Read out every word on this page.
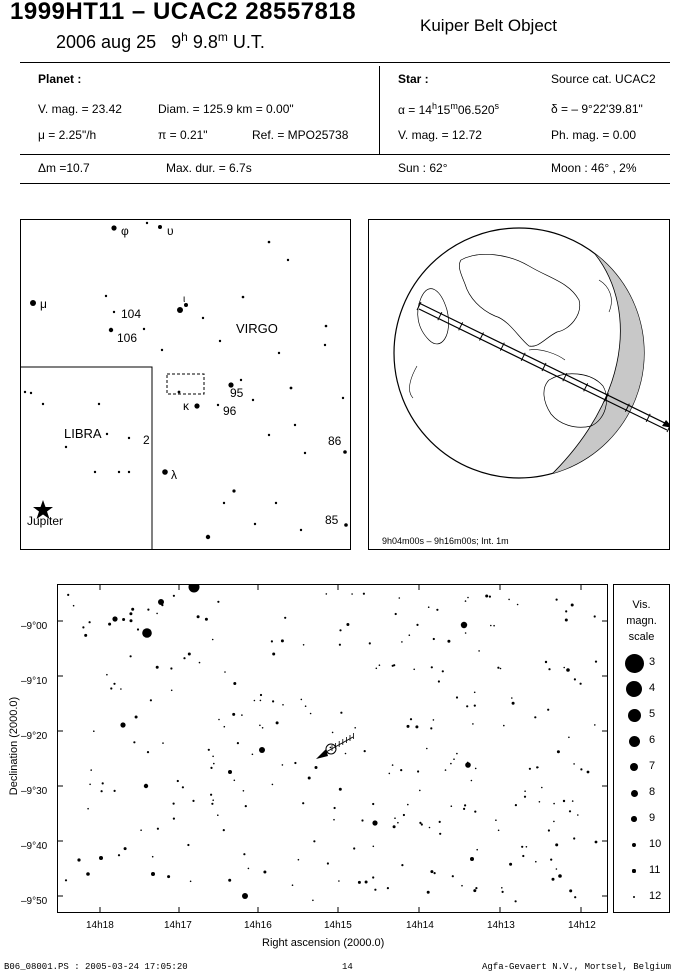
1999HT11 – UCAC2 28557818
2006 aug 25 9$^h$ 9.8$^m$ U.T.
Kuiper Belt Object
Planet :
V. mag. = 23.42	Diam. = 125.9 km = 0.00"
μ = 2.25"/h	π = 0.21"	Ref. = MPO25738
Star :	Source cat. UCAC2
$\alpha = 14^h15^m06.520^s$	δ = – 9°22'39.81"
V. mag. = 12.72	Ph. mag. = 0.00
Δm =10.7	Max. dur. = 6.7s	Sun : 62°	Moon : 46° , 2%
φ	υ
μ	ι
104
106
VIRGO
95
κ	96
LIBRA	2	86
λ
85
Jupiter
9h04m00s – 9h16m00s; Int. 1m
Declination (2000.0)
–9°00
–9°10
–9°20
–9°30
–9°40
–9°50
14h18	14h17	14h16	14h15	14h14	14h13	14h12
Right ascension (2000.0)
Vis.
magn.
scale
3
4
5
6
7
8
9
10
11
12
B06_08001.PS : 2005-03-24 17:05:20	14	Agfa-Gevaert N.V., Mortsel, Belgium
